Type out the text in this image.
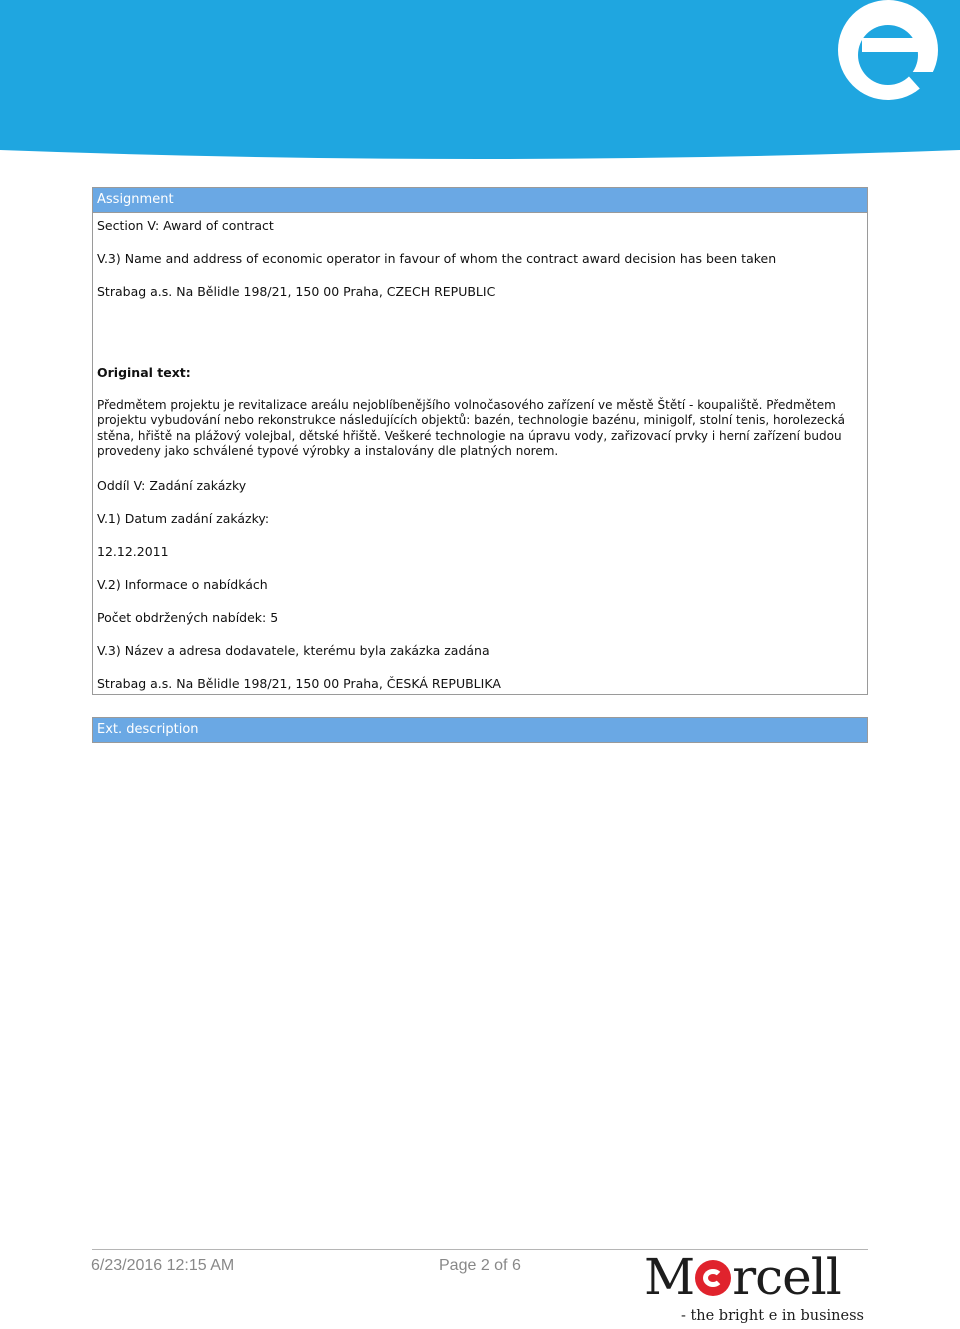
Assignment
Section V: Award of contract
V.3) Name and address of economic operator in favour of whom the contract award decision has been taken
Strabag a.s. Na Bělidle 198/21, 150 00 Praha, CZECH REPUBLIC
Original text:
Předmětem projektu je revitalizace areálu nejoblíbenějšího volnočasového zařízení ve městě Štětí - koupaliště. Předmětem projektu vybudování nebo rekonstrukce následujících objektů: bazén, technologie bazénu, minigolf, stolní tenis, horolezecká stěna, hřiště na plážový volejbal, dětské hřiště. Veškeré technologie na úpravu vody, zařizovací prvky i herní zařízení budou provedeny jako schválené typové výrobky a instalovány dle platných norem.
Oddíl V: Zadání zakázky
V.1) Datum zadání zakázky:
12.12.2011
V.2) Informace o nabídkách
Počet obdržených nabídek: 5
V.3) Název a adresa dodavatele, kterému byla zakázka zadána
Strabag a.s. Na Bělidle 198/21, 150 00 Praha, ČESKÁ REPUBLIKA
Ext. description
6/23/2016 12:15 AM	Page 2 of 6 M rcell
- the bright e in business
